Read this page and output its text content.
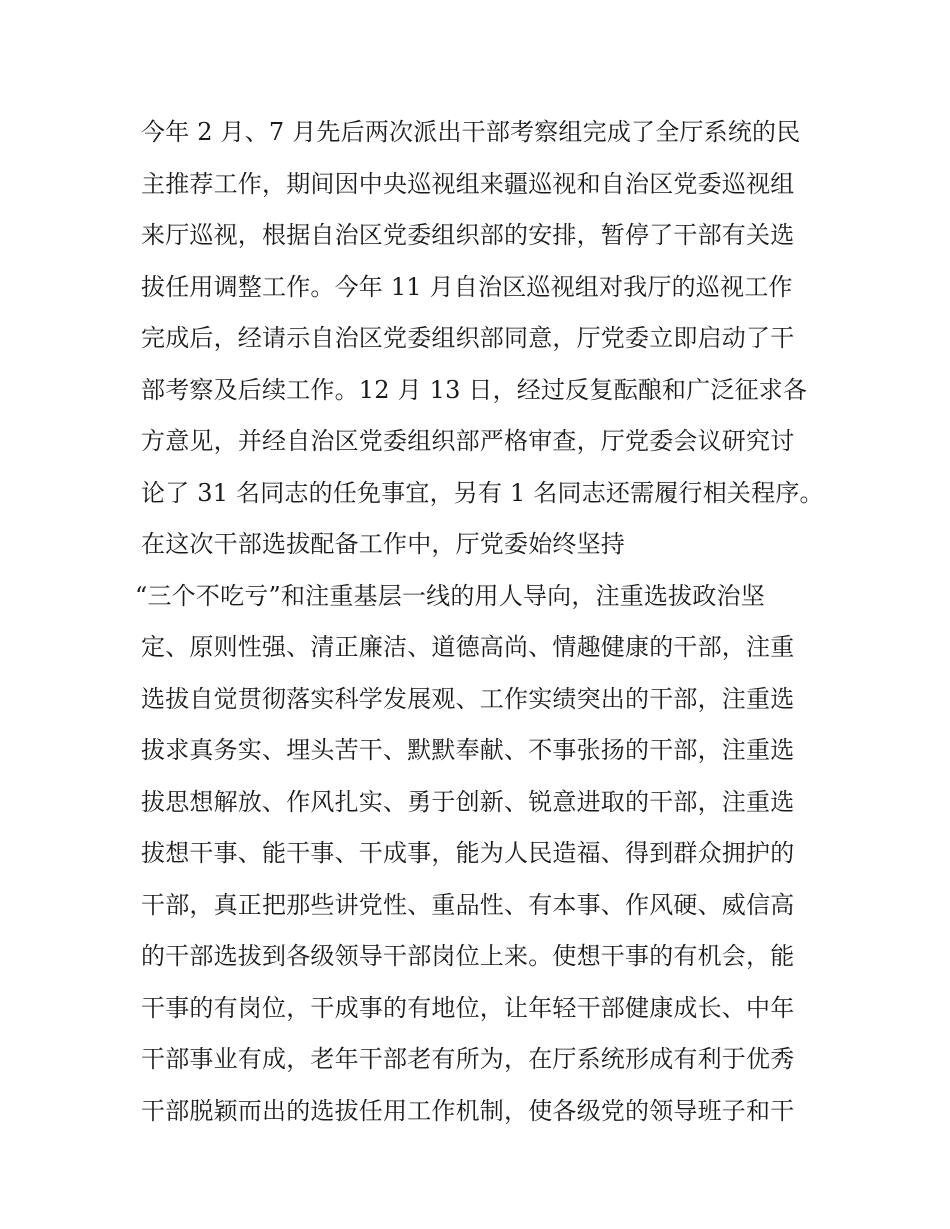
今年 2 月、7 月先后两次派出干部考察组完成了全厅系统的民
主推荐工作，期间因中央巡视组来疆巡视和自治区党委巡视组
来厅巡视，根据自治区党委组织部的安排，暂停了干部有关选
拔任用调整工作。今年 11 月自治区巡视组对我厅的巡视工作
完成后，经请示自治区党委组织部同意，厅党委立即启动了干
部考察及后续工作。12 月 13 日，经过反复酝酿和广泛征求各
方意见，并经自治区党委组织部严格审查，厅党委会议研究讨
论了 31 名同志的任免事宜，另有 1 名同志还需履行相关程序。
在这次干部选拔配备工作中，厅党委始终坚持
“三个不吃亏”和注重基层一线的用人导向，注重选拔政治坚
定、原则性强、清正廉洁、道德高尚、情趣健康的干部，注重
选拔自觉贯彻落实科学发展观、工作实绩突出的干部，注重选
拔求真务实、埋头苦干、默默奉献、不事张扬的干部，注重选
拔思想解放、作风扎实、勇于创新、锐意进取的干部，注重选
拔想干事、能干事、干成事，能为人民造福、得到群众拥护的
干部，真正把那些讲党性、重品性、有本事、作风硬、威信高
的干部选拔到各级领导干部岗位上来。使想干事的有机会，能
干事的有岗位，干成事的有地位，让年轻干部健康成长、中年
干部事业有成，老年干部老有所为，在厅系统形成有利于优秀
干部脱颖而出的选拔任用工作机制，使各级党的领导班子和干
